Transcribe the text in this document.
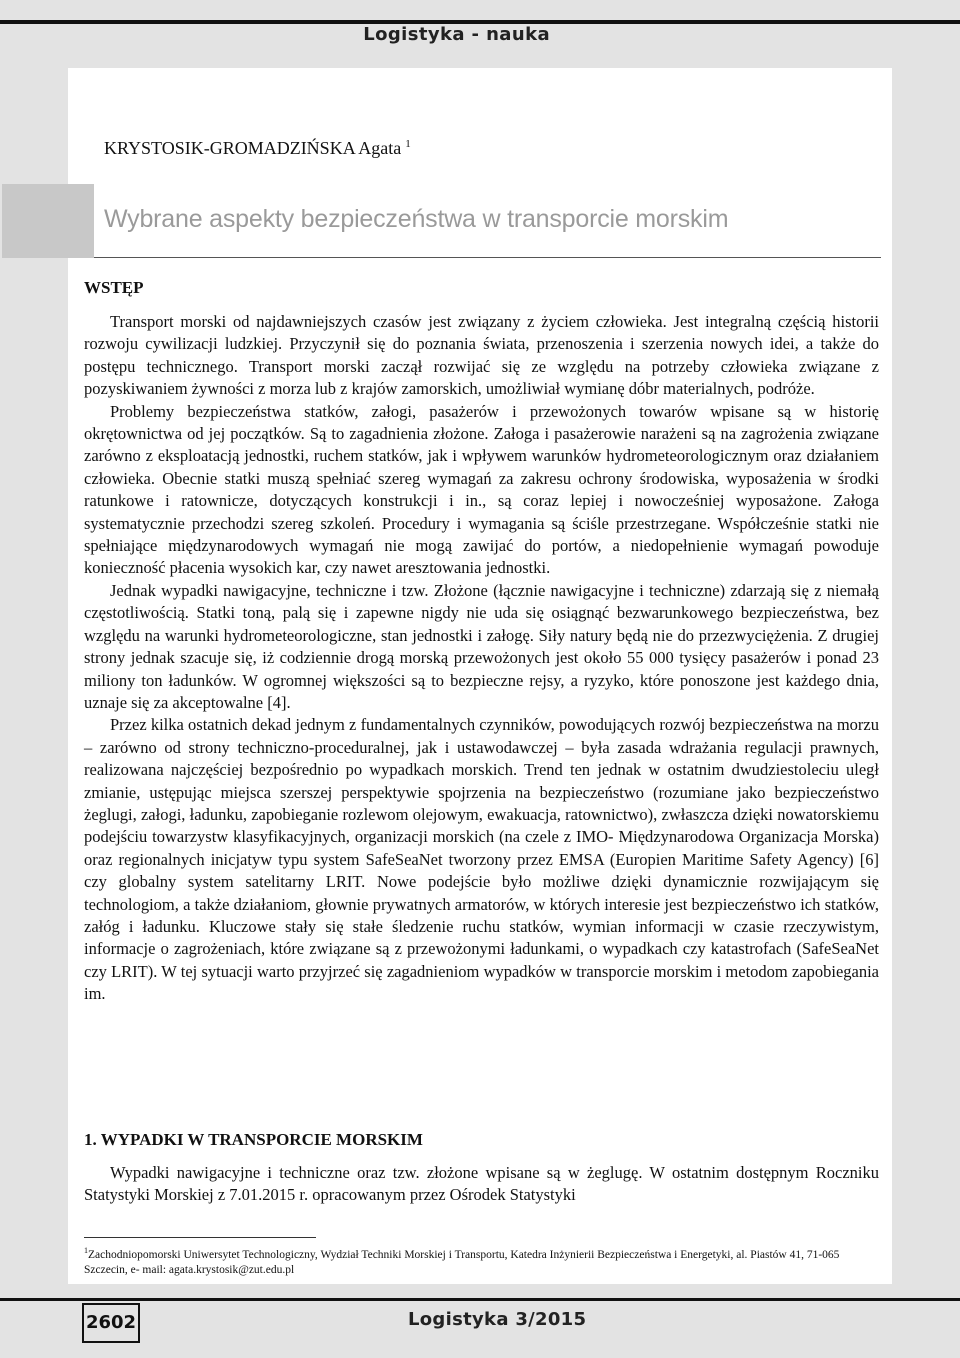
Logistyka - nauka
KRYSTOSIK-GROMADZIŃSKA Agata $^1$
Wybrane aspekty bezpieczeństwa w transporcie morskim
WSTĘP

Transport morski od najdawniejszych czasów jest związany z życiem człowieka. Jest integralną częścią historii rozwoju cywilizacji ludzkiej. Przyczynił się do poznania świata, przenoszenia i szerzenia nowych idei, a także do postępu technicznego. Transport morski zaczął rozwijać się ze względu na potrzeby człowieka związane z pozyskiwaniem żywności z morza lub z krajów zamorskich, umożliwiał wymianę dóbr materialnych, podróże.

Problemy bezpieczeństwa statków, załogi, pasażerów i przewożonych towarów wpisane są w historię okrętownictwa od jej początków. Są to zagadnienia złożone. Załoga i pasażerowie narażeni są na zagrożenia związane zarówno z eksploatacją jednostki, ruchem statków, jak i wpływem warunków hydrometeorologicznym oraz działaniem człowieka. Obecnie statki muszą spełniać szereg wymagań za zakresu ochrony środowiska, wyposażenia w środki ratunkowe i ratownicze, dotyczących konstrukcji i in., są coraz lepiej i nowocześniej wyposażone. Załoga systematycznie przechodzi szereg szkoleń. Procedury i wymagania są ściśle przestrzegane. Współcześnie statki nie spełniające międzynarodowych wymagań nie mogą zawijać do portów, a niedopełnienie wymagań powoduje konieczność płacenia wysokich kar, czy nawet aresztowania jednostki.

Jednak wypadki nawigacyjne, techniczne i tzw. Złożone (łącznie nawigacyjne i techniczne) zdarzają się z niemałą częstotliwością. Statki toną, palą się i zapewne nigdy nie uda się osiągnąć bezwarunkowego bezpieczeństwa, bez względu na warunki hydrometeorologiczne, stan jednostki i załogę. Siły natury będą nie do przezwyciężenia. Z drugiej strony jednak szacuje się, iż codziennie drogą morską przewożonych jest około 55 000 tysięcy pasażerów i ponad 23 miliony ton ładunków. W ogromnej większości są to bezpieczne rejsy, a ryzyko, które ponoszone jest każdego dnia, uznaje się za akceptowalne [4].

Przez kilka ostatnich dekad jednym z fundamentalnych czynników, powodujących rozwój bezpieczeństwa na morzu – zarówno od strony techniczno-proceduralnej, jak i ustawodawczej – była zasada wdrażania regulacji prawnych, realizowana najczęściej bezpośrednio po wypadkach morskich. Trend ten jednak w ostatnim dwudziestoleciu uległ zmianie, ustępując miejsca szerszej perspektywie spojrzenia na bezpieczeństwo (rozumiane jako bezpieczeństwo żeglugi, załogi, ładunku, zapobieganie rozlewom olejowym, ewakuacja, ratownictwo), zwłaszcza dzięki nowatorskiemu podejściu towarzystw klasyfikacyjnych, organizacji morskich (na czele z IMO- Międzynarodowa Organizacja Morska) oraz regionalnych inicjatyw typu system SafeSeaNet tworzony przez EMSA (Europien Maritime Safety Agency) [6] czy globalny system satelitarny LRIT. Nowe podejście było możliwe dzięki dynamicznie rozwijającym się technologiom, a także działaniom, głownie prywatnych armatorów, w których interesie jest bezpieczeństwo ich statków, załóg i ładunku. Kluczowe stały się stałe śledzenie ruchu statków, wymian informacji w czasie rzeczywistym, informacje o zagrożeniach, które związane są z przewożonymi ładunkami, o wypadkach czy katastrofach (SafeSeaNet czy LRIT). W tej sytuacji warto przyjrzeć się zagadnieniom wypadków w transporcie morskim i metodom zapobiegania im.

1. WYPADKI W TRANSPORCIE MORSKIM

Wypadki nawigacyjne i techniczne oraz tzw. złożone wpisane są w żeglugę. W ostatnim dostępnym Roczniku Statystyki Morskiej z 7.01.2015 r. opracowanym przez Ośrodek Statystyki

$^1$Zachodniopomorski Uniwersytet Technologiczny, Wydział Techniki Morskiej i Transportu, Katedra Inżynierii Bezpieczeństwa i Energetyki, al. Piastów 41, 71-065 Szczecin, e- mail: agata.krystosik@zut.edu.pl
2602	Logistyka 3/2015
